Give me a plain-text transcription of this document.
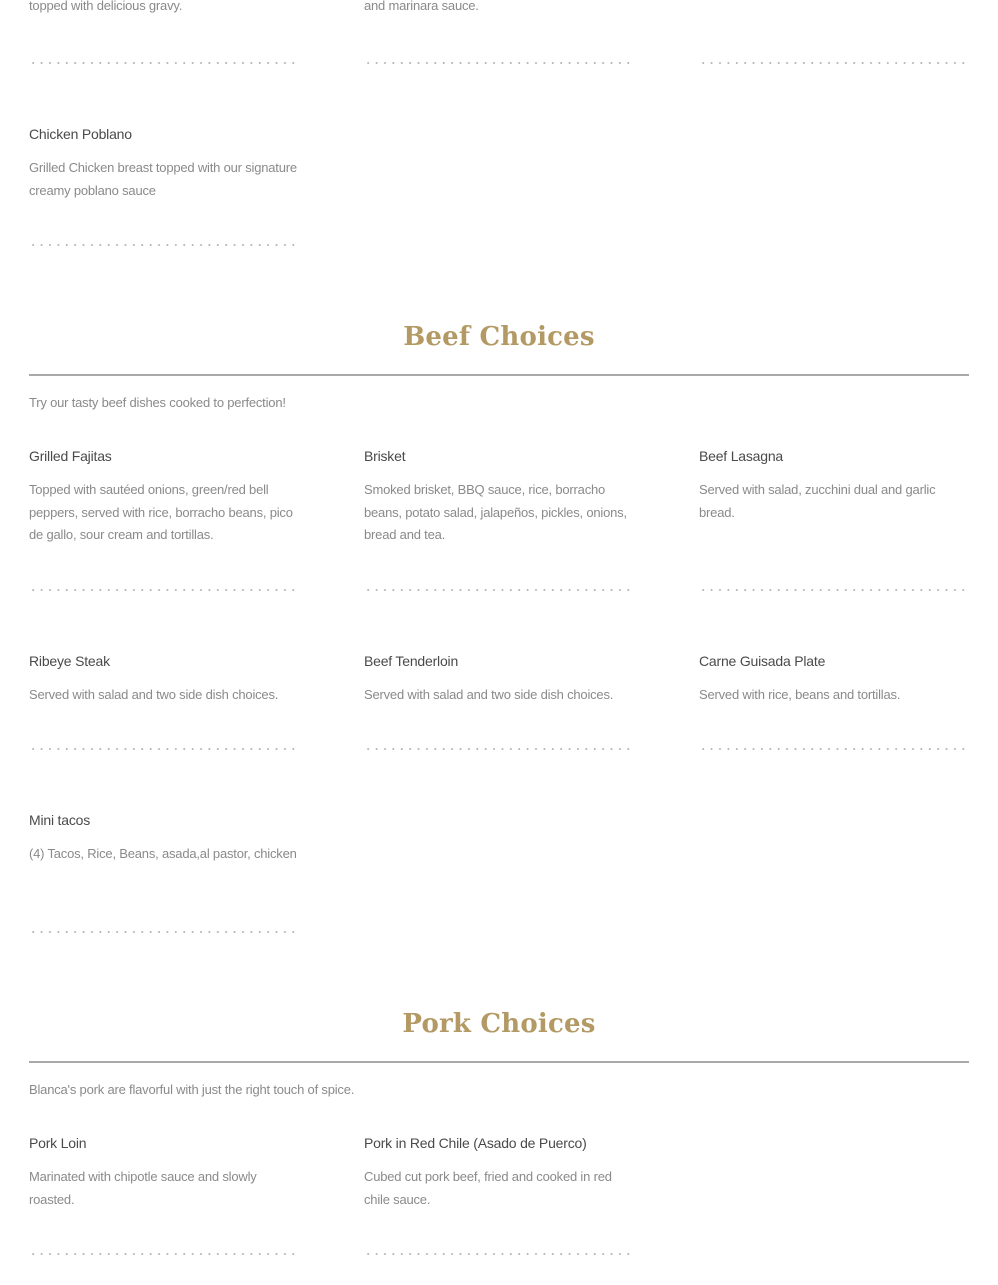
topped with delicious gravy.	and marinara sauce.
Chicken Poblano
Grilled Chicken breast topped with our signature creamy poblano sauce
Beef Choices
Try our tasty beef dishes cooked to perfection!
Grilled Fajitas
Topped with sautéed onions, green/red bell peppers, served with rice, borracho beans, pico de gallo, sour cream and tortillas.
Brisket
Smoked brisket, BBQ sauce, rice, borracho beans, potato salad, jalapeños, pickles, onions, bread and tea.
Beef Lasagna
Served with salad, zucchini dual and garlic bread.
Ribeye Steak
Served with salad and two side dish choices.
Beef Tenderloin
Served with salad and two side dish choices.
Carne Guisada Plate
Served with rice, beans and tortillas.
Mini tacos
(4) Tacos, Rice, Beans, asada,al pastor, chicken
Pork Choices
Blanca's pork are flavorful with just the right touch of spice.
Pork Loin
Marinated with chipotle sauce and slowly roasted.
Pork in Red Chile (Asado de Puerco)
Cubed cut pork beef, fried and cooked in red chile sauce.
